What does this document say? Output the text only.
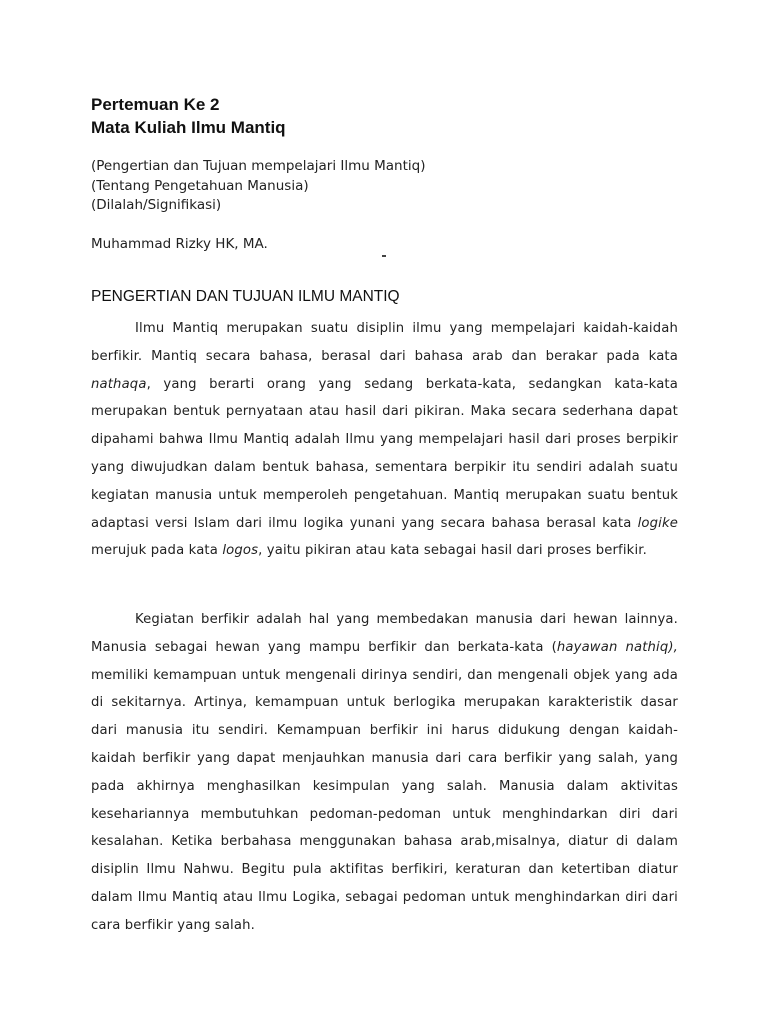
Pertemuan Ke 2
Mata Kuliah Ilmu Mantiq
(Pengertian dan Tujuan mempelajari Ilmu Mantiq)
(Tentang Pengetahuan Manusia)
(Dilalah/Signifikasi)
Muhammad Rizky HK, MA.
PENGERTIAN DAN TUJUAN ILMU MANTIQ

Ilmu Mantiq merupakan suatu disiplin ilmu yang mempelajari kaidah-kaidah berfikir. Mantiq secara bahasa, berasal dari bahasa arab dan berakar pada kata nathaqa, yang berarti orang yang sedang berkata-kata, sedangkan kata-kata merupakan bentuk pernyataan atau hasil dari pikiran. Maka secara sederhana dapat dipahami bahwa Ilmu Mantiq adalah Ilmu yang mempelajari hasil dari proses berpikir yang diwujudkan dalam bentuk bahasa, sementara berpikir itu sendiri adalah suatu kegiatan manusia untuk memperoleh pengetahuan. Mantiq merupakan suatu bentuk adaptasi versi Islam dari ilmu logika yunani yang secara bahasa berasal kata logike merujuk pada kata logos, yaitu pikiran atau kata sebagai hasil dari proses berfikir.

Kegiatan berfikir adalah hal yang membedakan manusia dari hewan lainnya. Manusia sebagai hewan yang mampu berfikir dan berkata-kata (hayawan nathiq), memiliki kemampuan untuk mengenali dirinya sendiri, dan mengenali objek yang ada di sekitarnya. Artinya, kemampuan untuk berlogika merupakan karakteristik dasar dari manusia itu sendiri. Kemampuan berfikir ini harus didukung dengan kaidah-kaidah berfikir yang dapat menjauhkan manusia dari cara berfikir yang salah, yang pada akhirnya menghasilkan kesimpulan yang salah. Manusia dalam aktivitas kesehariannya membutuhkan pedoman-pedoman untuk menghindarkan diri dari kesalahan. Ketika berbahasa menggunakan bahasa arab,misalnya, diatur di dalam disiplin Ilmu Nahwu. Begitu pula aktifitas berfikiri, keraturan dan ketertiban diatur dalam Ilmu Mantiq atau Ilmu Logika, sebagai pedoman untuk menghindarkan diri dari cara berfikir yang salah.
